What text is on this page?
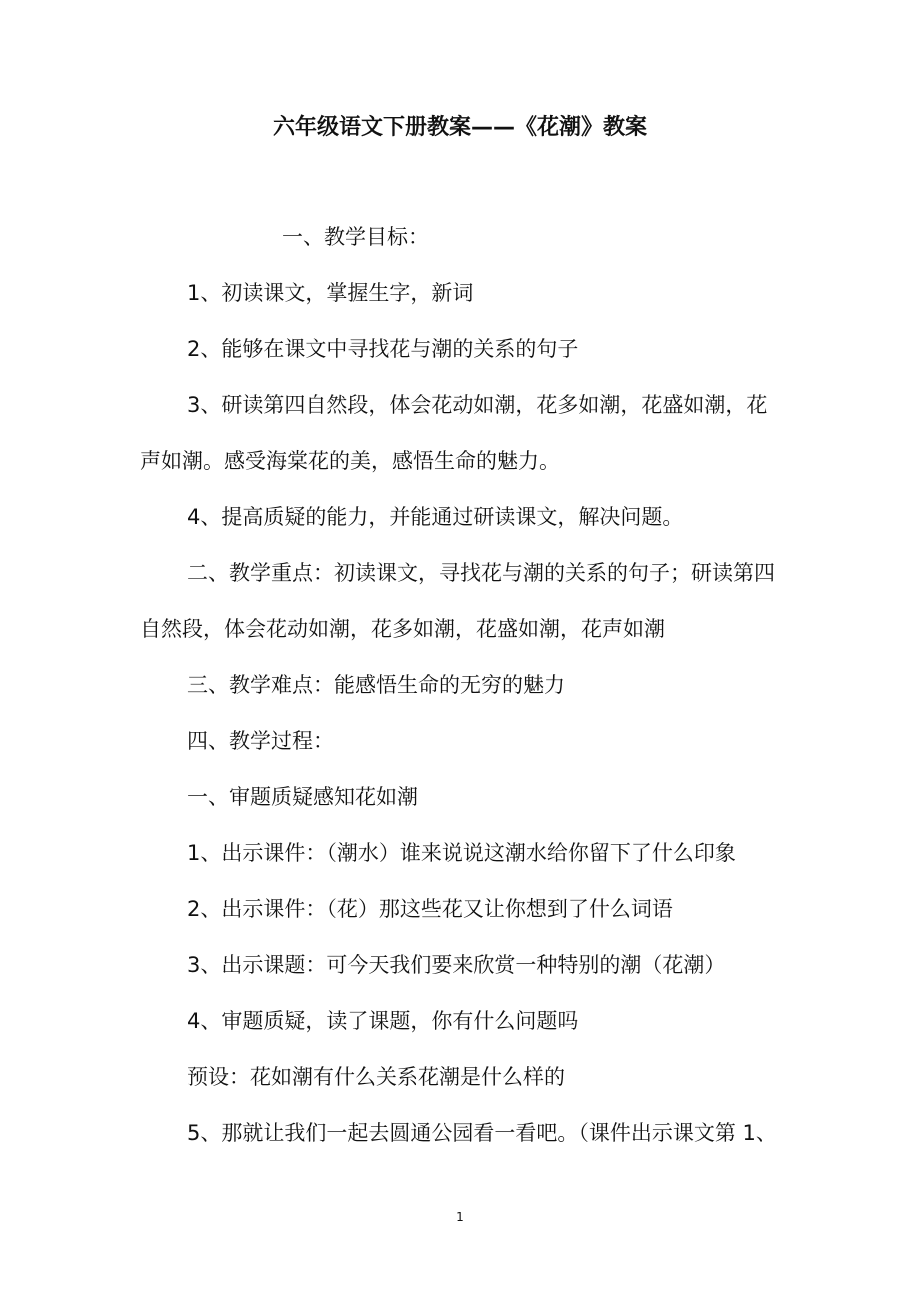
六年级语文下册教案——《花潮》教案
一、教学目标：
1、初读课文，掌握生字，新词
2、能够在课文中寻找花与潮的关系的句子
3、研读第四自然段，体会花动如潮，花多如潮，花盛如潮，花
声如潮。感受海棠花的美，感悟生命的魅力。
4、提高质疑的能力，并能通过研读课文，解决问题。
二、教学重点：初读课文，寻找花与潮的关系的句子；研读第四
自然段，体会花动如潮，花多如潮，花盛如潮，花声如潮
三、教学难点：能感悟生命的无穷的魅力
四、教学过程：
一、审题质疑感知花如潮
1、出示课件：（潮水）谁来说说这潮水给你留下了什么印象
2、出示课件：（花）那这些花又让你想到了什么词语
3、出示课题：可今天我们要来欣赏一种特别的潮（花潮）
4、审题质疑，读了课题，你有什么问题吗
预设：花如潮有什么关系花潮是什么样的
5、那就让我们一起去圆通公园看一看吧。（课件出示课文第 1、
1
